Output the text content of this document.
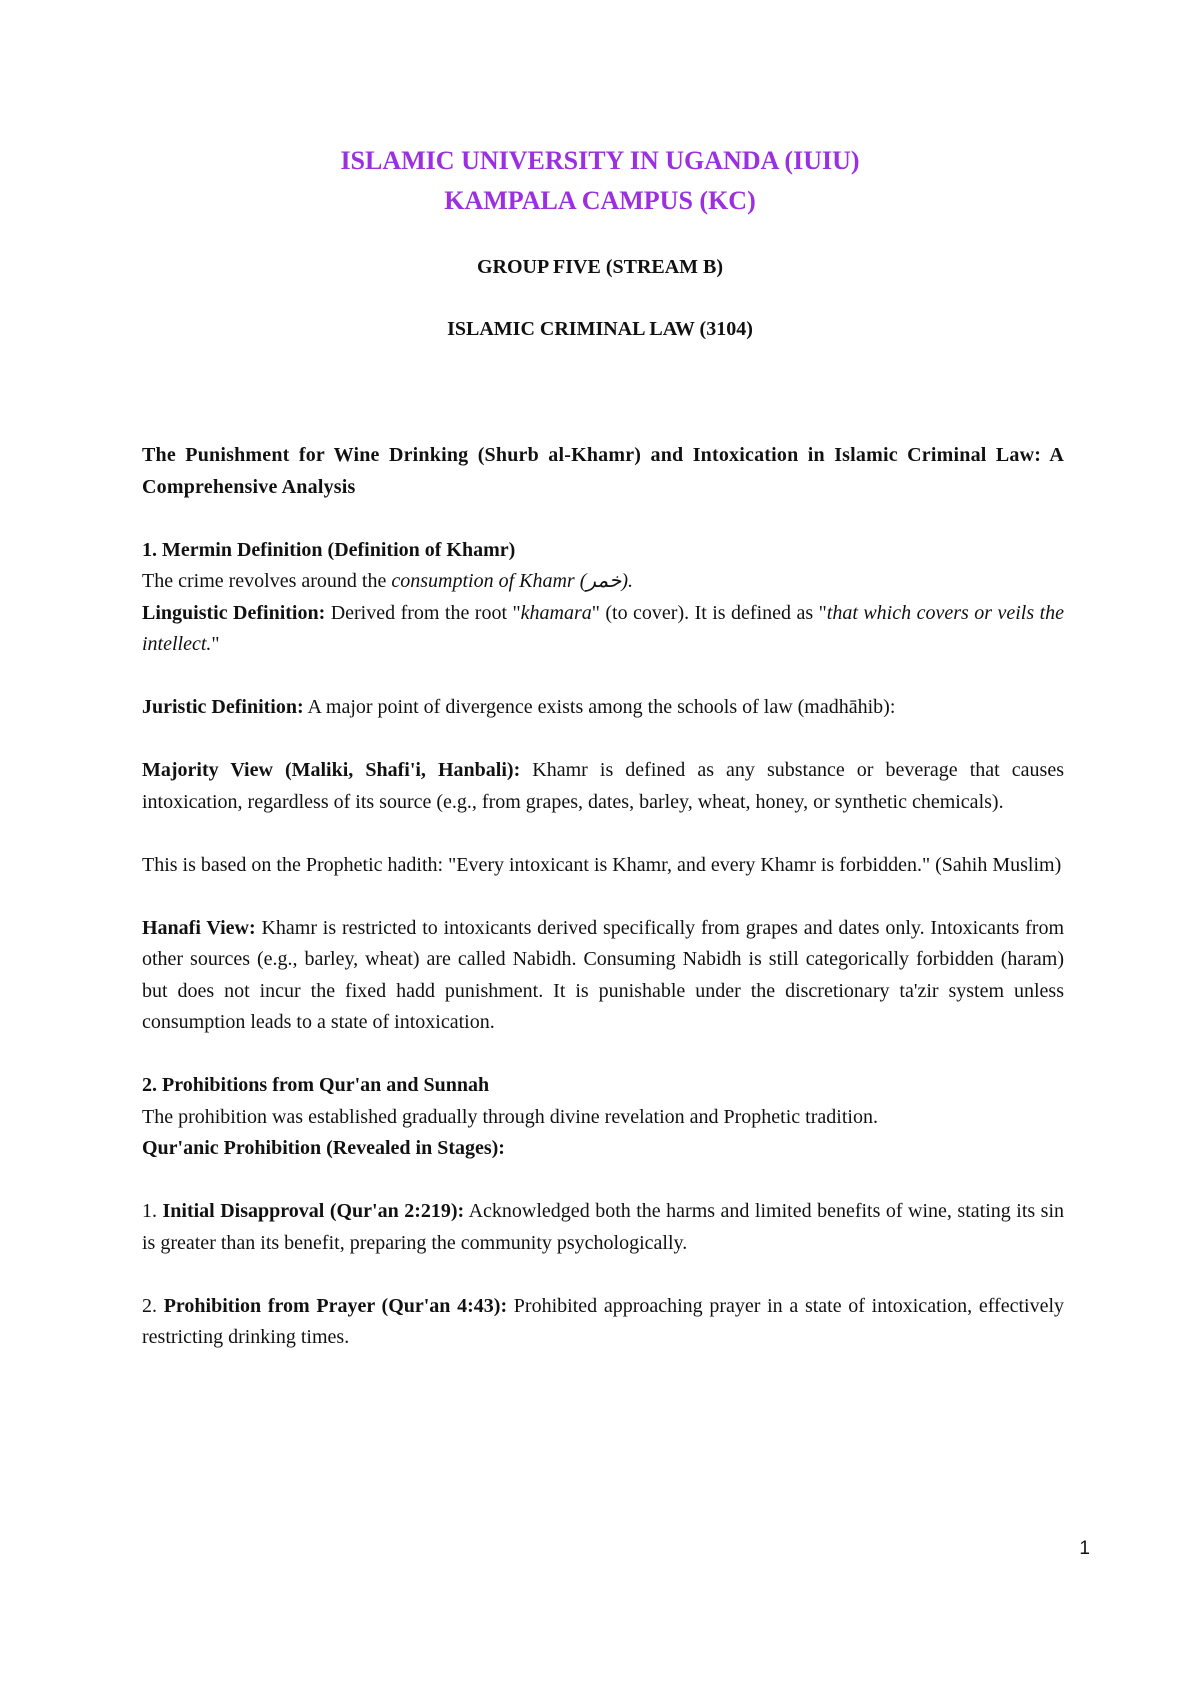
ISLAMIC UNIVERSITY IN UGANDA (IUIU)
KAMPALA CAMPUS (KC)
GROUP FIVE (STREAM B)
ISLAMIC CRIMINAL LAW (3104)

The Punishment for Wine Drinking (Shurb al-Khamr) and Intoxication in Islamic Criminal Law: A Comprehensive Analysis

1. Mermin Definition (Definition of Khamr)

The crime revolves around the consumption of Khamr (خمر).

Linguistic Definition: Derived from the root "khamara" (to cover). It is defined as "that which covers or veils the intellect."

Juristic Definition: A major point of divergence exists among the schools of law (madhāhib):

Majority View (Maliki, Shafi'i, Hanbali): Khamr is defined as any substance or beverage that causes intoxication, regardless of its source (e.g., from grapes, dates, barley, wheat, honey, or synthetic chemicals).

This is based on the Prophetic hadith: "Every intoxicant is Khamr, and every Khamr is forbidden." (Sahih Muslim)

Hanafi View: Khamr is restricted to intoxicants derived specifically from grapes and dates only. Intoxicants from other sources (e.g., barley, wheat) are called Nabidh. Consuming Nabidh is still categorically forbidden (haram) but does not incur the fixed hadd punishment. It is punishable under the discretionary ta'zir system unless consumption leads to a state of intoxication.

2. Prohibitions from Qur'an and Sunnah

The prohibition was established gradually through divine revelation and Prophetic tradition.

Qur'anic Prohibition (Revealed in Stages):

1. Initial Disapproval (Qur'an 2:219): Acknowledged both the harms and limited benefits of wine, stating its sin is greater than its benefit, preparing the community psychologically.

2. Prohibition from Prayer (Qur'an 4:43): Prohibited approaching prayer in a state of intoxication, effectively restricting drinking times.

1
